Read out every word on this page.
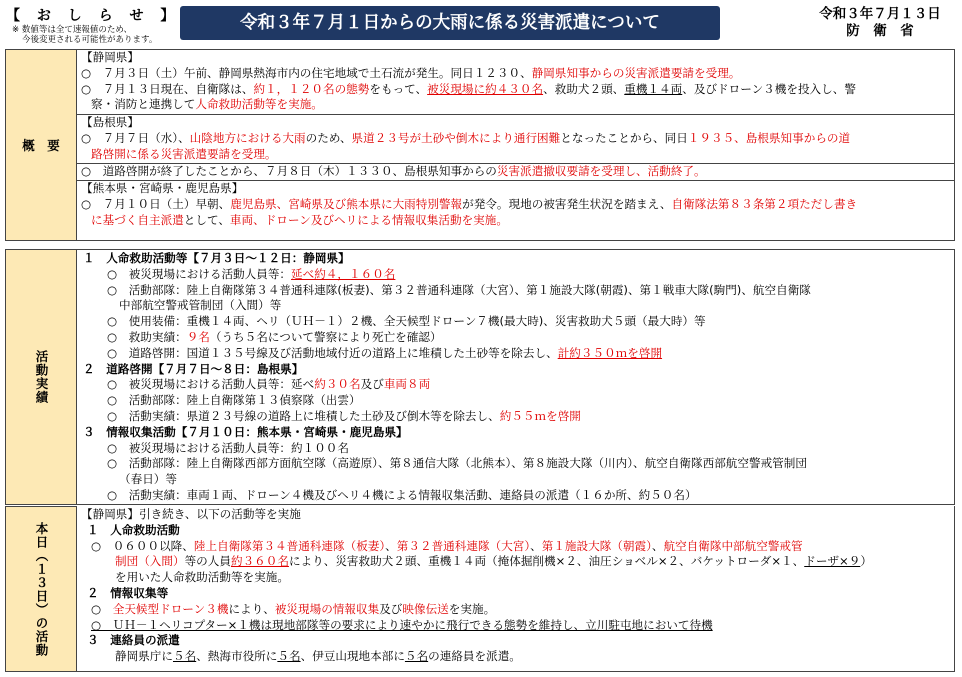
【 お し ら せ 】
※ 数値等は全て速報値のため、
今後変更される可能性があります。
令和３年７月１日からの大雨に係る災害派遣について	令和３年７月１３日
防　衛　省
概　要
【静岡県】
○　７月３日（土）午前、静岡県熱海市内の住宅地域で土石流が発生。同日１２３０、静岡県知事からの災害派遣要請を受理。
○　７月１３日現在、自衛隊は、約１，１２０名の態勢をもって、被災現場に約４３０名、救助犬２頭、重機１４両、及びドローン３機を投入し、警
察・消防と連携して人命救助活動等を実施。
【島根県】
○　７月７日（水）、山陰地方における大雨のため、県道２３号が土砂や倒木により通行困難となったことから、同日１９３５、島根県知事からの道
路啓開に係る災害派遣要請を受理。
○　道路啓開が終了したことから、７月８日（木）１３３０、島根県知事からの災害派遣撤収要請を受理し、活動終了。
【熊本県・宮崎県・鹿児島県】
○　７月１０日（土）早朝、鹿児島県、宮崎県及び熊本県に大雨特別警報が発令。現地の被害発生状況を踏まえ、自衛隊法第８３条第２項ただし書き
に基づく自主派遣として、車両、ドローン及びヘリによる情報収集活動を実施。
活動実績
１　人命救助活動等【７月３日～１２日：静岡県】
○　被災現場における活動人員等：延べ約４，１６０名
○　活動部隊：陸上自衛隊第３４普通科連隊(板妻)、第３２普通科連隊（大宮）、第１施設大隊(朝霞)、第１戦車大隊(駒門)、航空自衛隊
中部航空警戒管制団（入間）等
○　使用装備：重機１４両、ヘリ（ＵＨ－１）２機、全天候型ドローン７機(最大時)、災害救助犬５頭（最大時）等
○　救助実績：９名（うち５名について警察により死亡を確認）
○　道路啓開：国道１３５号線及び活動地域付近の道路上に堆積した土砂等を除去し、計約３５０ｍを啓開
２　道路啓開【７月７日～８日：島根県】
○　被災現場における活動人員等：延べ約３０名及び車両８両
○　活動部隊：陸上自衛隊第１３偵察隊（出雲）
○　活動実績：県道２３号線の道路上に堆積した土砂及び倒木等を除去し、約５５ｍを啓開
３　情報収集活動【７月１０日：熊本県・宮崎県・鹿児島県】
○　被災現場における活動人員等：約１００名
○　活動部隊：陸上自衛隊西部方面航空隊（高遊原）、第８通信大隊（北熊本）、第８施設大隊（川内）、航空自衛隊西部航空警戒管制団
（春日）等
○　活動実績：車両１両、ドローン４機及びヘリ４機による情報収集活動、連絡員の派遣（１６か所、約５０名）
本日（１３日）の活動
【静岡県】引き続き、以下の活動等を実施
１　人命救助活動
○　０６００以降、陸上自衛隊第３４普通科連隊（板妻）、第３２普通科連隊（大宮）、第１施設大隊（朝霞）、航空自衛隊中部航空警戒管
制団（入間）等の人員約３６０名により、災害救助犬２頭、重機１４両（掩体掘削機×２、油圧ショベル×２、バケットローダ×１、ドーザ×９）
を用いた人命救助活動等を実施。
２　情報収集等
○　全天候型ドローン３機により、被災現場の情報収集及び映像伝送を実施。
○　ＵＨ－１ヘリコプター×１機は現地部隊等の要求により速やかに飛行できる態勢を維持し、立川駐屯地において待機
３　連絡員の派遣
静岡県庁に５名、熱海市役所に５名、伊豆山現地本部に５名の連絡員を派遣。
